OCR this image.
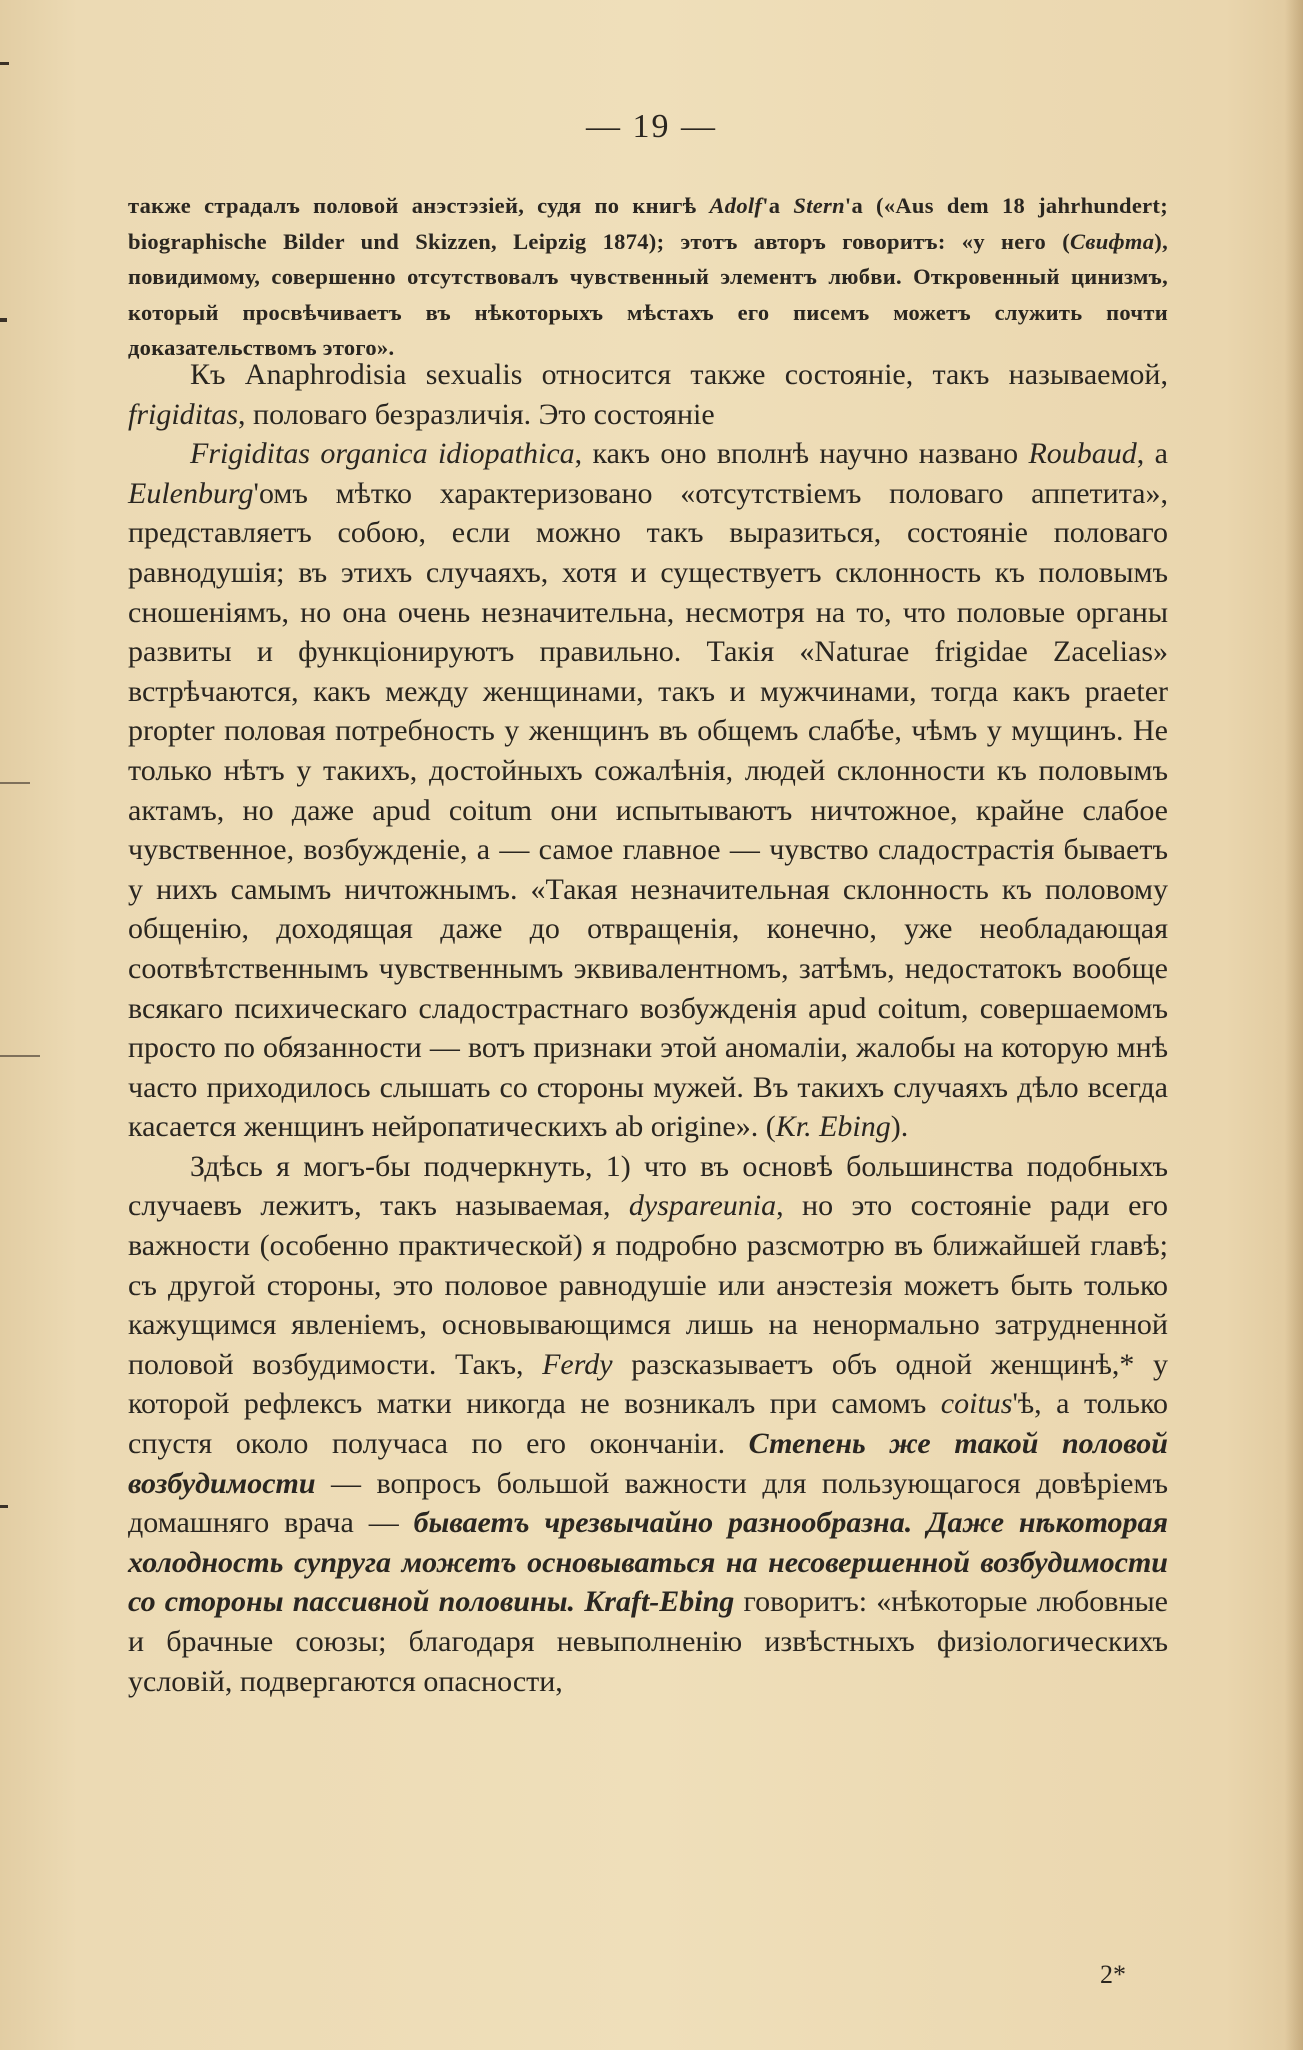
— 19 —

также страдалъ половой анэстэзiей, судя по книгѣ Adolf'а Stern'а («Aus dem 18 jahrhundert; biographische Bilder und Skizzen, Leipzig 1874); этотъ авторъ говоритъ: «у него (Свифта), повидимому, совершенно отсутствовалъ чувственный элементъ любви. Откровенный цинизмъ, который просвѣчиваетъ въ нѣкоторыхъ мѣстахъ его писемъ можетъ служить почти доказательствомъ этого».

Къ Anaphrodisia sexualis относится также состоянiе, такъ называемой, frigiditas, половаго безразличiя. Это состоянiе

Frigiditas organica idiopathica, какъ оно вполнѣ научно названо Roubaud, а Eulenburg'омъ мѣтко характеризовано «отсутствiемъ половаго аппетита», представляетъ собою, если можно такъ выразиться, состоянiе половаго равнодушiя; въ этихъ случаяхъ, хотя и существуетъ склонность къ половымъ сношенiямъ, но она очень незначительна, несмотря на то, что половые органы развиты и функцiонируютъ правильно. Такiя «Naturae frigidae Zacelias» встрѣчаются, какъ между женщинами, такъ и мужчинами, тогда какъ praeter propter половая потребность у женщинъ въ общемъ слабѣе, чѣмъ у мущинъ. Не только нѣтъ у такихъ, достойныхъ сожалѣнiя, людей склонности къ половымъ актамъ, но даже apud coitum они испытываютъ ничтожное, крайне слабое чувственное, возбужденiе, а — самое главное — чувство сладострастiя бываетъ у нихъ самымъ ничтожнымъ. «Такая незначительная склонность къ половому общенiю, доходящая даже до отвращенiя, конечно, уже необладающая соотвѣтственнымъ чувственнымъ эквивалентномъ, затѣмъ, недостатокъ вообще всякаго психическаго сладострастнаго возбужденiя apud coitum, совершаемомъ просто по обязанности — вотъ признаки этой аномалiи, жалобы на которую мнѣ часто приходилось слышать со стороны мужей. Въ такихъ случаяхъ дѣло всегда касается женщинъ нейропатическихъ ab origine». (Kr. Ebing).

Здѣсь я могъ-бы подчеркнуть, 1) что въ основѣ большинства подобныхъ случаевъ лежитъ, такъ называемая, dyspareunia, но это состоянiе ради его важности (особенно практической) я подробно разсмотрю въ ближайшей главѣ; съ другой стороны, это половое равнодушiе или анэстезiя можетъ быть только кажущимся явленiемъ, основывающимся лишь на ненормально затрудненной половой возбудимости. Такъ, Ferdy разсказываетъ объ одной женщинѣ,* у которой рефлексъ матки никогда не возникалъ при самомъ coitus'ѣ, а только спустя около получаса по его окончанiи. Степень же такой половой возбудимости — вопросъ большой важности для пользующагося довѣрiемъ домашняго врача — бываетъ чрезвычайно разнообразна. Даже нѣкоторая холодность супруга можетъ основываться на несовершенной возбудимости со стороны пассивной половины. Kraft-Ebing говоритъ: «нѣкоторые любовные и брачные союзы; благодаря невыполненiю извѣстныхъ физiологическихъ условiй, подвергаются опасности,

2*
